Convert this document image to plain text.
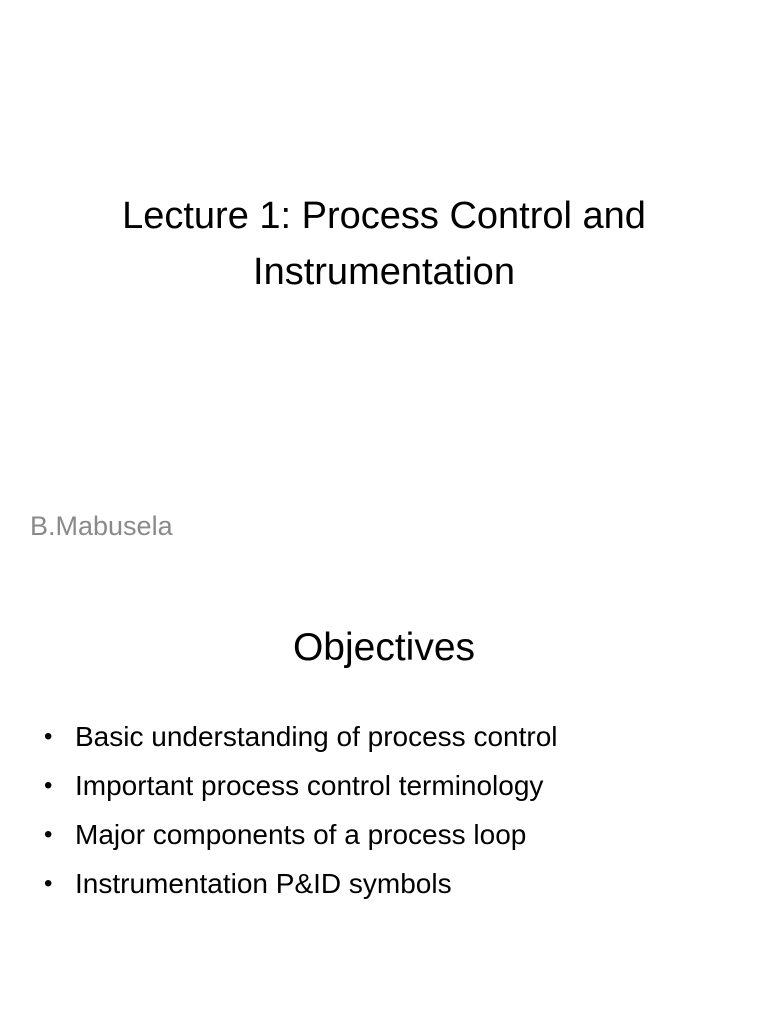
Lecture 1: Process Control and
Instrumentation
B.Mabusela
Objectives
• Basic understanding of process control
• Important process control terminology
• Major components of a process loop
• Instrumentation P&ID symbols
